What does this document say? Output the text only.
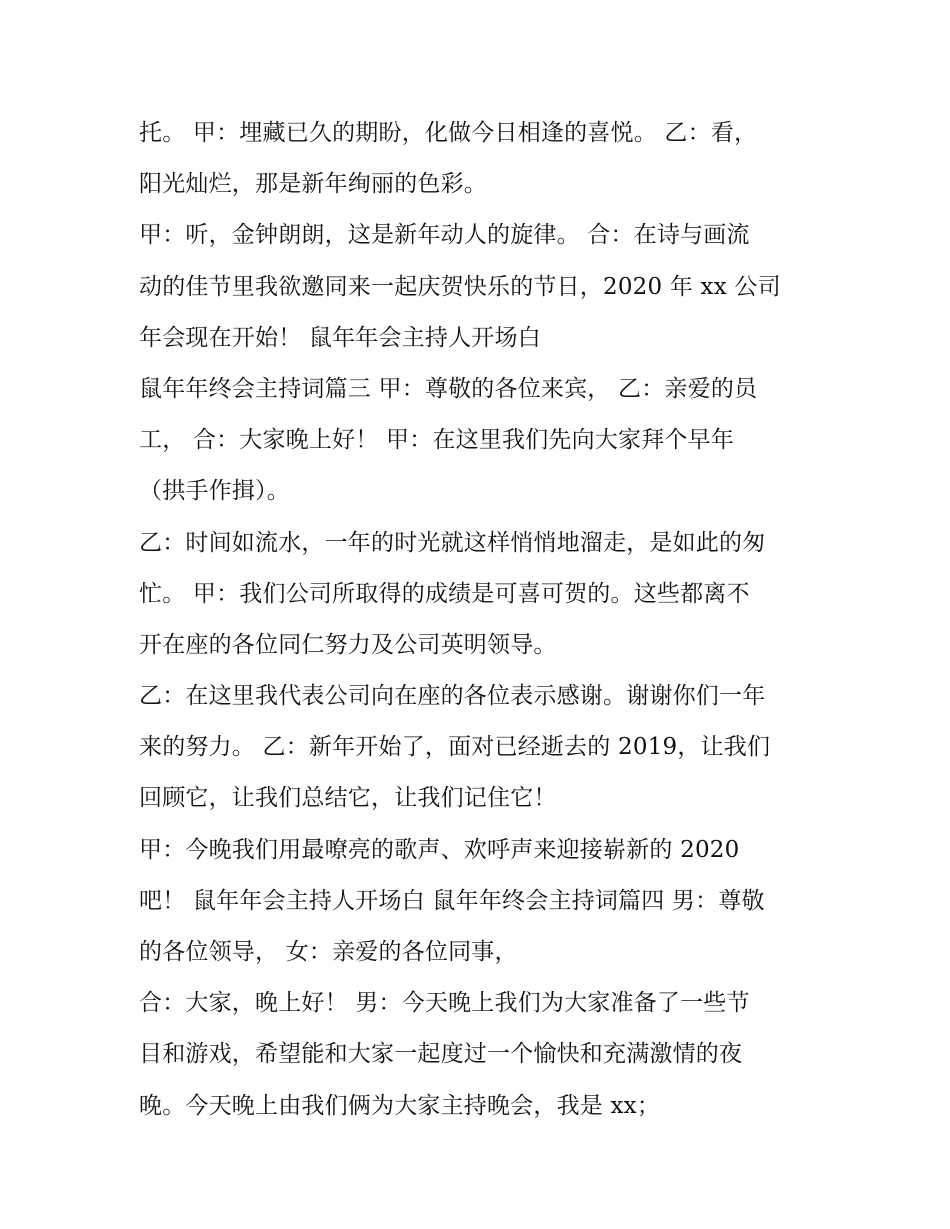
托。 甲：埋藏已久的期盼，化做今日相逢的喜悦。 乙：看，
阳光灿烂，那是新年绚丽的色彩。
甲：听，金钟朗朗，这是新年动人的旋律。 合：在诗与画流
动的佳节里我欲邀同来一起庆贺快乐的节日，2020 年 xx 公司
年会现在开始！ 鼠年年会主持人开场白
鼠年年终会主持词篇三 甲：尊敬的各位来宾， 乙：亲爱的员
工， 合：大家晚上好！ 甲：在这里我们先向大家拜个早年
（拱手作揖）。
乙：时间如流水，一年的时光就这样悄悄地溜走，是如此的匆
忙。 甲：我们公司所取得的成绩是可喜可贺的。这些都离不
开在座的各位同仁努力及公司英明领导。
乙：在这里我代表公司向在座的各位表示感谢。谢谢你们一年
来的努力。 乙：新年开始了，面对已经逝去的 2019，让我们
回顾它，让我们总结它，让我们记住它！
甲：今晚我们用最嘹亮的歌声、欢呼声来迎接崭新的 2020
吧！ 鼠年年会主持人开场白 鼠年年终会主持词篇四 男：尊敬
的各位领导， 女：亲爱的各位同事，
合：大家，晚上好！ 男：今天晚上我们为大家准备了一些节
目和游戏，希望能和大家一起度过一个愉快和充满激情的夜
晚。今天晚上由我们俩为大家主持晚会，我是 xx；
